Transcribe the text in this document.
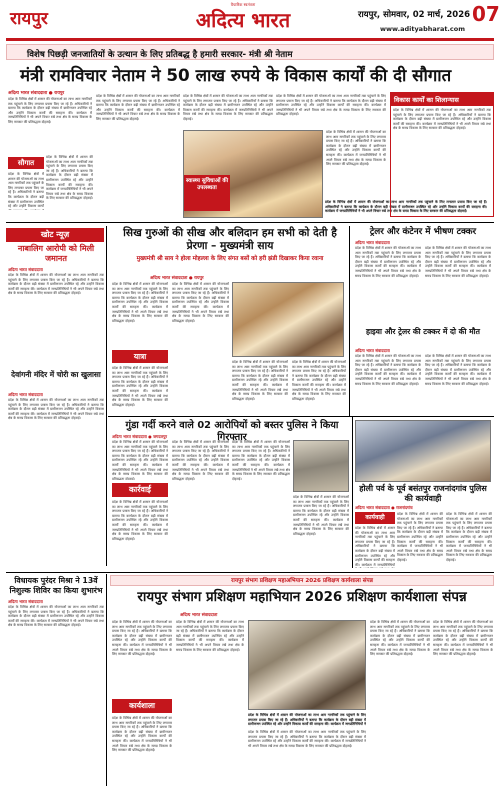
रायपुर
वैचारिक स्वतंत्रता
अदित्य भारत	रायपुर, सोमवार, 02 मार्च, 2026
www.adityabharat.com
07
विशेष पिछड़ी जनजातियों के उत्थान के लिए प्रतिबद्ध है हमारी सरकार- मंत्री श्री नेताम
मंत्री रामविचार नेताम ने 50 लाख रुपये के विकास कार्यों की दी सौगात
अदित्य भारत संवाददाता ● रायपुर
प्रदेश के विभिन्न क्षेत्रों में शासन की योजनाओं का लाभ आम नागरिकों तक पहुंचाने के लिए लगातार प्रयास किए जा रहे हैं। अधिकारियों ने बताया कि कार्यक्रम के दौरान बड़ी संख्या में ग्रामीणजन उपस्थित रहे और उन्होंने विकास कार्यों की सराहना की। कार्यक्रम में जनप्रतिनिधियों ने भी अपने विचार रखे तथा क्षेत्र के समग्र विकास के लिए सरकार की प्रतिबद्धता दोहराई।
सौगात
प्रदेश के विभिन्न क्षेत्रों में शासन की योजनाओं का लाभ आम नागरिकों तक पहुंचाने के लिए लगातार प्रयास किए जा रहे हैं। अधिकारियों ने बताया कि कार्यक्रम के दौरान बड़ी संख्या में ग्रामीणजन उपस्थित रहे और उन्होंने विकास कार्यों की सराहना की। कार्यक्रम में जनप्रतिनिधियों ने भी अपने विचार रखे तथा क्षेत्र के समग्र विकास के लिए सरकार की प्रतिबद्धता दोहराई।
प्रदेश के विभिन्न क्षेत्रों में शासन की योजनाओं का लाभ आम नागरिकों तक पहुंचाने के लिए लगातार प्रयास किए जा रहे हैं। अधिकारियों ने बताया कि कार्यक्रम के दौरान बड़ी संख्या में ग्रामीणजन उपस्थित रहे और उन्होंने विकास कार्यों
प्रदेश के विभिन्न क्षेत्रों में शासन की योजनाओं का लाभ आम नागरिकों तक पहुंचाने के लिए लगातार प्रयास किए जा रहे हैं। अधिकारियों ने बताया कि कार्यक्रम के दौरान बड़ी संख्या में ग्रामीणजन उपस्थित रहे और उन्होंने विकास कार्यों की सराहना की। कार्यक्रम में जनप्रतिनिधियों ने भी अपने विचार रखे तथा क्षेत्र के समग्र विकास के लिए सरकार की प्रतिबद्धता दोहराई।
प्रदेश के विभिन्न क्षेत्रों में शासन की योजनाओं का लाभ आम नागरिकों तक पहुंचाने के लिए लगातार प्रयास किए जा रहे हैं। अधिकारियों ने बताया कि कार्यक्रम के दौरान बड़ी संख्या में ग्रामीणजन उपस्थित रहे और उन्होंने विकास कार्यों की सराहना की। कार्यक्रम में जनप्रतिनिधियों ने भी अपने विचार रखे तथा क्षेत्र के समग्र विकास के लिए सरकार की प्रतिबद्धता दोहराई।
स्वास्थ्य सुविधाओं की उपलब्धता
प्रदेश के विभिन्न क्षेत्रों में शासन की योजनाओं का लाभ आम नागरिकों तक पहुंचाने के लिए लगातार प्रयास किए जा रहे हैं। अधिकारियों ने बताया कि कार्यक्रम के दौरान बड़ी संख्या में ग्रामीणजन उपस्थित रहे और उन्होंने विकास कार्यों की सराहना की। कार्यक्रम में जनप्रतिनिधियों ने भी अपने विचार रखे तथा क्षेत्र के समग्र विकास के लिए सरकार की प्रतिबद्धता दोहराई।
विकास कार्यों का शिलान्यास
प्रदेश के विभिन्न क्षेत्रों में शासन की योजनाओं का लाभ आम नागरिकों तक पहुंचाने के लिए लगातार प्रयास किए जा रहे हैं। अधिकारियों ने बताया कि कार्यक्रम के दौरान बड़ी संख्या में ग्रामीणजन उपस्थित रहे और उन्होंने विकास कार्यों की सराहना की। कार्यक्रम में जनप्रतिनिधियों ने भी अपने विचार रखे तथा क्षेत्र के समग्र विकास के लिए सरकार की प्रतिबद्धता दोहराई।
प्रदेश के विभिन्न क्षेत्रों में शासन की योजनाओं का लाभ आम नागरिकों तक पहुंचाने के लिए लगातार प्रयास किए जा रहे हैं। अधिकारियों ने बताया कि कार्यक्रम के दौरान बड़ी संख्या में ग्रामीणजन उपस्थित रहे और उन्होंने विकास कार्यों की सराहना की। कार्यक्रम में जनप्रतिनिधियों ने भी अपने विचार रखे तथा क्षेत्र के समग्र विकास के लिए सरकार की प्रतिबद्धता दोहराई।
प्रदेश के विभिन्न क्षेत्रों में शासन की योजनाओं का लाभ आम नागरिकों तक पहुंचाने के लिए लगातार प्रयास किए जा रहे हैं। अधिकारियों ने बताया कि कार्यक्रम के दौरान बड़ी संख्या में ग्रामीणजन उपस्थित रहे और उन्होंने विकास कार्यों की सराहना की। कार्यक्रम में जनप्रतिनिधियों ने भी अपने विचार रखे तथा क्षेत्र के समग्र विकास के लिए सरकार की प्रतिबद्धता दोहराई।
खोट न्यूज़
नाबालिग आरोपी को मिली जमानत
अदित्य भारत संवाददाता
प्रदेश के विभिन्न क्षेत्रों में शासन की योजनाओं का लाभ आम नागरिकों तक पहुंचाने के लिए लगातार प्रयास किए जा रहे हैं। अधिकारियों ने बताया कि कार्यक्रम के दौरान बड़ी संख्या में ग्रामीणजन उपस्थित रहे और उन्होंने विकास कार्यों की सराहना की। कार्यक्रम में जनप्रतिनिधियों ने भी अपने विचार रखे तथा क्षेत्र के समग्र विकास के लिए सरकार की प्रतिबद्धता दोहराई।
देवांगनी मंदिर में चोरी का खुलासा
अदित्य भारत संवाददाता
प्रदेश के विभिन्न क्षेत्रों में शासन की योजनाओं का लाभ आम नागरिकों तक पहुंचाने के लिए लगातार प्रयास किए जा रहे हैं। अधिकारियों ने बताया कि कार्यक्रम के दौरान बड़ी संख्या में ग्रामीणजन उपस्थित रहे और उन्होंने विकास कार्यों की सराहना की। कार्यक्रम में जनप्रतिनिधियों ने भी अपने विचार रखे तथा क्षेत्र के समग्र विकास के लिए सरकार की प्रतिबद्धता दोहराई।
सिख गुरुओं की सीख और बलिदान हम सभी को देती है प्रेरणा – मुख्यमंत्री साय
मुख्यमंत्री श्री साय ने होला मोहल्ला के लिए संगत बसों को हरी झंडी दिखाकर किया रवाना
अदित्य भारत संवाददाता ● रायपुर
प्रदेश के विभिन्न क्षेत्रों में शासन की योजनाओं का लाभ आम नागरिकों तक पहुंचाने के लिए लगातार प्रयास किए जा रहे हैं। अधिकारियों ने बताया कि कार्यक्रम के दौरान बड़ी संख्या में ग्रामीणजन उपस्थित रहे और उन्होंने विकास कार्यों की सराहना की। कार्यक्रम में जनप्रतिनिधियों ने भी अपने विचार रखे तथा क्षेत्र के समग्र विकास के लिए सरकार की प्रतिबद्धता दोहराई।
यात्रा
प्रदेश के विभिन्न क्षेत्रों में शासन की योजनाओं का लाभ आम नागरिकों तक पहुंचाने के लिए लगातार प्रयास किए जा रहे हैं। अधिकारियों ने बताया कि कार्यक्रम के दौरान बड़ी संख्या में ग्रामीणजन उपस्थित रहे और उन्होंने विकास कार्यों की सराहना की। कार्यक्रम में जनप्रतिनिधियों ने भी अपने विचार रखे तथा क्षेत्र के समग्र विकास के लिए सरकार की प्रतिबद्धता दोहराई।
प्रदेश के विभिन्न क्षेत्रों में शासन की योजनाओं का लाभ आम नागरिकों तक पहुंचाने के लिए लगातार प्रयास किए जा रहे हैं। अधिकारियों ने बताया कि कार्यक्रम के दौरान बड़ी संख्या में ग्रामीणजन उपस्थित रहे और उन्होंने विकास कार्यों की सराहना की। कार्यक्रम में जनप्रतिनिधियों ने भी अपने विचार रखे तथा क्षेत्र के समग्र विकास के लिए सरकार की प्रतिबद्धता दोहराई।
प्रदेश के विभिन्न क्षेत्रों में शासन की योजनाओं का लाभ आम नागरिकों तक पहुंचाने के लिए लगातार प्रयास किए जा रहे हैं। अधिकारियों ने बताया कि कार्यक्रम के दौरान बड़ी संख्या में ग्रामीणजन उपस्थित रहे और उन्होंने विकास कार्यों की सराहना की। कार्यक्रम में जनप्रतिनिधियों ने भी अपने विचार रखे तथा क्षेत्र के समग्र विकास के लिए सरकार की प्रतिबद्धता दोहराई।
प्रदेश के विभिन्न क्षेत्रों में शासन की योजनाओं का लाभ आम नागरिकों तक पहुंचाने के लिए लगातार प्रयास किए जा रहे हैं। अधिकारियों ने बताया कि कार्यक्रम के दौरान बड़ी संख्या में ग्रामीणजन उपस्थित रहे और उन्होंने विकास कार्यों की सराहना की। कार्यक्रम में जनप्रतिनिधियों ने भी अपने विचार रखे तथा क्षेत्र के समग्र विकास के लिए सरकार की प्रतिबद्धता दोहराई।
ट्रेलर और कंटेनर में भीषण टक्कर
अदित्य भारत संवाददाता
प्रदेश के विभिन्न क्षेत्रों में शासन की योजनाओं का लाभ आम नागरिकों तक पहुंचाने के लिए लगातार प्रयास किए जा रहे हैं। अधिकारियों ने बताया कि कार्यक्रम के दौरान बड़ी संख्या में ग्रामीणजन उपस्थित रहे और उन्होंने विकास कार्यों की सराहना की। कार्यक्रम में जनप्रतिनिधियों ने भी अपने विचार रखे तथा क्षेत्र के समग्र विकास के लिए सरकार की प्रतिबद्धता दोहराई।
प्रदेश के विभिन्न क्षेत्रों में शासन की योजनाओं का लाभ आम नागरिकों तक पहुंचाने के लिए लगातार प्रयास किए जा रहे हैं। अधिकारियों ने बताया कि कार्यक्रम के दौरान बड़ी संख्या में ग्रामीणजन उपस्थित रहे और उन्होंने विकास कार्यों की सराहना की। कार्यक्रम में जनप्रतिनिधियों ने भी अपने विचार रखे तथा क्षेत्र के समग्र विकास के लिए सरकार की प्रतिबद्धता दोहराई।
हाइवा और ट्रेलर की टक्कर में दो की मौत
अदित्य भारत संवाददाता
प्रदेश के विभिन्न क्षेत्रों में शासन की योजनाओं का लाभ आम नागरिकों तक पहुंचाने के लिए लगातार प्रयास किए जा रहे हैं। अधिकारियों ने बताया कि कार्यक्रम के दौरान बड़ी संख्या में ग्रामीणजन उपस्थित रहे और उन्होंने विकास कार्यों की सराहना की। कार्यक्रम में जनप्रतिनिधियों ने भी अपने विचार रखे तथा क्षेत्र के समग्र विकास के लिए सरकार की प्रतिबद्धता दोहराई।
प्रदेश के विभिन्न क्षेत्रों में शासन की योजनाओं का लाभ आम नागरिकों तक पहुंचाने के लिए लगातार प्रयास किए जा रहे हैं। अधिकारियों ने बताया कि कार्यक्रम के दौरान बड़ी संख्या में ग्रामीणजन उपस्थित रहे और उन्होंने विकास कार्यों की सराहना की। कार्यक्रम में जनप्रतिनिधियों ने भी अपने विचार रखे तथा क्षेत्र के समग्र विकास के लिए सरकार की प्रतिबद्धता दोहराई।
गुंडा गर्दी करने वाले 02 आरोपियों को बस्तर पुलिस ने किया गिरफ्तार
अदित्य भारत संवाददाता ● जगदलपुर
प्रदेश के विभिन्न क्षेत्रों में शासन की योजनाओं का लाभ आम नागरिकों तक पहुंचाने के लिए लगातार प्रयास किए जा रहे हैं। अधिकारियों ने बताया कि कार्यक्रम के दौरान बड़ी संख्या में ग्रामीणजन उपस्थित रहे और उन्होंने विकास कार्यों की सराहना की। कार्यक्रम में जनप्रतिनिधियों ने भी अपने विचार रखे तथा क्षेत्र के समग्र विकास के लिए सरकार की प्रतिबद्धता दोहराई।
कार्रवाई
प्रदेश के विभिन्न क्षेत्रों में शासन की योजनाओं का लाभ आम नागरिकों तक पहुंचाने के लिए लगातार प्रयास किए जा रहे हैं। अधिकारियों ने बताया कि कार्यक्रम के दौरान बड़ी संख्या में ग्रामीणजन उपस्थित रहे और उन्होंने विकास कार्यों की सराहना की। कार्यक्रम में जनप्रतिनिधियों ने भी अपने विचार रखे तथा क्षेत्र के समग्र विकास के लिए सरकार की प्रतिबद्धता दोहराई।
प्रदेश के विभिन्न क्षेत्रों में शासन की योजनाओं का लाभ आम नागरिकों तक पहुंचाने के लिए लगातार प्रयास किए जा रहे हैं। अधिकारियों ने बताया कि कार्यक्रम के दौरान बड़ी संख्या में ग्रामीणजन उपस्थित रहे और उन्होंने विकास कार्यों की सराहना की। कार्यक्रम में जनप्रतिनिधियों ने भी अपने विचार रखे तथा क्षेत्र के समग्र विकास के लिए सरकार की प्रतिबद्धता दोहराई।
प्रदेश के विभिन्न क्षेत्रों में शासन की योजनाओं का लाभ आम नागरिकों तक पहुंचाने के लिए लगातार प्रयास किए जा रहे हैं। अधिकारियों ने बताया कि कार्यक्रम के दौरान बड़ी संख्या में ग्रामीणजन उपस्थित रहे और उन्होंने विकास कार्यों की सराहना की। कार्यक्रम में जनप्रतिनिधियों ने भी अपने विचार रखे तथा क्षेत्र के समग्र विकास के लिए सरकार की प्रतिबद्धता दोहराई।
प्रदेश के विभिन्न क्षेत्रों में शासन की योजनाओं का लाभ आम नागरिकों तक पहुंचाने के लिए लगातार प्रयास किए जा रहे हैं। अधिकारियों ने बताया कि कार्यक्रम के दौरान बड़ी संख्या में ग्रामीणजन उपस्थित रहे और उन्होंने विकास कार्यों की सराहना की। कार्यक्रम में जनप्रतिनिधियों ने भी अपने विचार रखे तथा क्षेत्र के समग्र विकास के लिए सरकार की प्रतिबद्धता दोहराई।
होली पर्व के पूर्व बसंतपुर राजनांदगांव पुलिस की कार्यवाही
अदित्य भारत संवाददाता ● राजनांदगांव
कार्यवाही	प्रदेश के विभिन्न क्षेत्रों में शासन की योजनाओं का लाभ आम नागरिकों तक पहुंचाने के लिए लगातार प्रयास किए जा रहे हैं। अधिकारियों ने बताया कि कार्यक्रम के दौरान बड़ी संख्या में ग्रामीणजन उपस्थित रहे और उन्होंने विकास कार्यों की सराहना की। कार्यक्रम में जनप्रतिनिधियों ने भी अपने विचार रखे तथा क्षेत्र के समग्र विकास के लिए सरकार की प्रतिबद्धता दोहराई।
प्रदेश के विभिन्न क्षेत्रों में शासन की योजनाओं का लाभ आम नागरिकों तक पहुंचाने के लिए लगातार प्रयास किए जा रहे हैं। अधिकारियों ने बताया कि कार्यक्रम के दौरान बड़ी संख्या में ग्रामीणजन उपस्थित रहे और उन्होंने विकास कार्यों की सराहना की। कार्यक्रम में जनप्रतिनिधियों ने भी अपने विचार रखे तथा क्षेत्र के समग्र विकास के लिए सरकार की प्रतिबद्धता दोहराई।
प्रदेश के विभिन्न क्षेत्रों में शासन की योजनाओं का लाभ आम नागरिकों तक पहुंचाने के लिए लगातार प्रयास किए जा रहे हैं। अधिकारियों ने बताया कि कार्यक्रम के दौरान बड़ी संख्या में ग्रामीणजन उपस्थित रहे और उन्होंने विकास कार्यों की सराहना की। कार्यक्रम में जनप्रतिनिधियों
विधायक पुरंदर मिश्रा ने 13वें निशुल्क शिविर का किया शुभारंभ
अदित्य भारत संवाददाता
प्रदेश के विभिन्न क्षेत्रों में शासन की योजनाओं का लाभ आम नागरिकों तक पहुंचाने के लिए लगातार प्रयास किए जा रहे हैं। अधिकारियों ने बताया कि कार्यक्रम के दौरान बड़ी संख्या में ग्रामीणजन उपस्थित रहे और उन्होंने विकास कार्यों की सराहना की। कार्यक्रम में जनप्रतिनिधियों ने भी अपने विचार रखे तथा क्षेत्र के समग्र विकास के लिए सरकार की प्रतिबद्धता दोहराई।
रायपुर संभाग प्रशिक्षण महाअभियान 2026 प्रशिक्षण कार्यशाला संपन्न
रायपुर संभाग प्रशिक्षण महाभियान 2026 प्रशिक्षण कार्यशाला संपन्न
अदित्य भारत संवाददाता
प्रदेश के विभिन्न क्षेत्रों में शासन की योजनाओं का लाभ आम नागरिकों तक पहुंचाने के लिए लगातार प्रयास किए जा रहे हैं। अधिकारियों ने बताया कि कार्यक्रम के दौरान बड़ी संख्या में ग्रामीणजन उपस्थित रहे और उन्होंने विकास कार्यों की सराहना की। कार्यक्रम में जनप्रतिनिधियों ने भी अपने विचार रखे तथा क्षेत्र के समग्र विकास के लिए सरकार की प्रतिबद्धता दोहराई।
कार्यशाला
प्रदेश के विभिन्न क्षेत्रों में शासन की योजनाओं का लाभ आम नागरिकों तक पहुंचाने के लिए लगातार प्रयास किए जा रहे हैं। अधिकारियों ने बताया कि कार्यक्रम के दौरान बड़ी संख्या में ग्रामीणजन उपस्थित रहे और उन्होंने विकास कार्यों की सराहना की। कार्यक्रम में जनप्रतिनिधियों ने भी अपने विचार रखे तथा क्षेत्र के समग्र विकास के लिए सरकार की प्रतिबद्धता दोहराई।
प्रदेश के विभिन्न क्षेत्रों में शासन की योजनाओं का लाभ आम नागरिकों तक पहुंचाने के लिए लगातार प्रयास किए जा रहे हैं। अधिकारियों ने बताया कि कार्यक्रम के दौरान बड़ी संख्या में ग्रामीणजन उपस्थित रहे और उन्होंने विकास कार्यों की सराहना की। कार्यक्रम में जनप्रतिनिधियों ने भी अपने विचार रखे तथा क्षेत्र के समग्र विकास के लिए सरकार की प्रतिबद्धता दोहराई।
प्रदेश के विभिन्न क्षेत्रों में शासन की योजनाओं का लाभ आम नागरिकों तक पहुंचाने के लिए लगातार प्रयास किए जा रहे हैं। अधिकारियों ने बताया कि कार्यक्रम के दौरान बड़ी संख्या में ग्रामीणजन उपस्थित रहे और उन्होंने विकास कार्यों की सराहना की। कार्यक्रम में जनप्रतिनिधियों ने
प्रदेश के विभिन्न क्षेत्रों में शासन की योजनाओं का लाभ आम नागरिकों तक पहुंचाने के लिए लगातार प्रयास किए जा रहे हैं। अधिकारियों ने बताया कि कार्यक्रम के दौरान बड़ी संख्या में ग्रामीणजन उपस्थित रहे और उन्होंने विकास कार्यों की सराहना की। कार्यक्रम में जनप्रतिनिधियों ने भी अपने विचार रखे तथा क्षेत्र के समग्र विकास के लिए सरकार की प्रतिबद्धता दोहराई।
प्रदेश के विभिन्न क्षेत्रों में शासन की योजनाओं का लाभ आम नागरिकों तक पहुंचाने के लिए लगातार प्रयास किए जा रहे हैं। अधिकारियों ने बताया कि कार्यक्रम के दौरान बड़ी संख्या में ग्रामीणजन उपस्थित रहे और उन्होंने विकास कार्यों की सराहना की। कार्यक्रम में जनप्रतिनिधियों ने भी अपने विचार रखे तथा क्षेत्र के समग्र विकास के लिए सरकार की प्रतिबद्धता दोहराई।
प्रदेश के विभिन्न क्षेत्रों में शासन की योजनाओं का लाभ आम नागरिकों तक पहुंचाने के लिए लगातार प्रयास किए जा रहे हैं। अधिकारियों ने बताया कि कार्यक्रम के दौरान बड़ी संख्या में ग्रामीणजन उपस्थित रहे और उन्होंने विकास कार्यों की सराहना की। कार्यक्रम में जनप्रतिनिधियों ने भी अपने विचार रखे तथा क्षेत्र के समग्र विकास के लिए सरकार की प्रतिबद्धता दोहराई।
